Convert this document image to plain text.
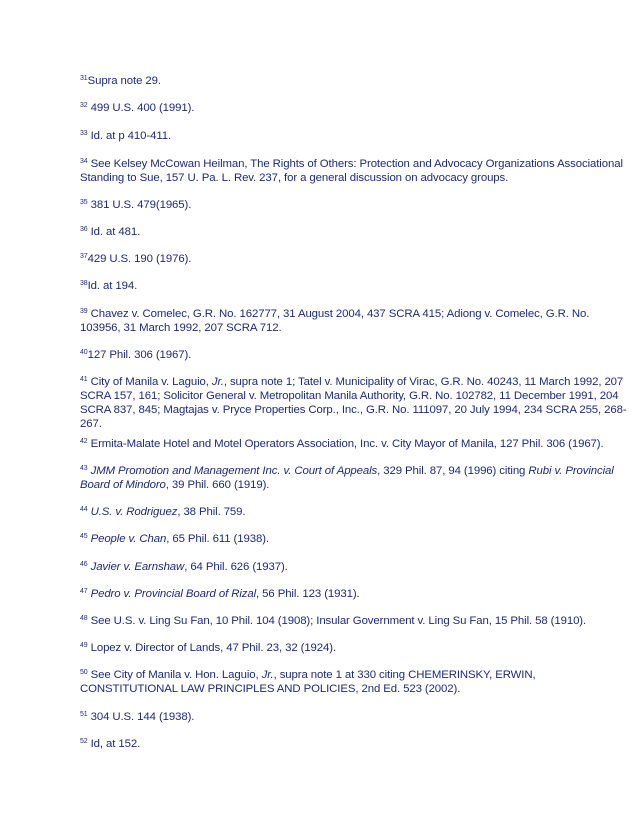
$^{31}$Supra note 29.
$^{32}$ 499 U.S. 400 (1991).
$^{33}$ Id. at p 410-411.
$^{34}$ See Kelsey McCowan Heilman, The Rights of Others: Protection and Advocacy Organizations Associational Standing to Sue, 157 U. Pa. L. Rev. 237, for a general discussion on advocacy groups.
$^{35}$ 381 U.S. 479(1965).
$^{36}$ Id. at 481.
$^{37}$429 U.S. 190 (1976).
$^{38}$Id. at 194.
$^{39}$ Chavez v. Comelec, G.R. No. 162777, 31 August 2004, 437 SCRA 415; Adiong v. Comelec, G.R. No. 103956, 31 March 1992, 207 SCRA 712.
$^{40}$127 Phil. 306 (1967).
$^{41}$ City of Manila v. Laguio, Jr., supra note 1; Tatel v. Municipality of Virac, G.R. No. 40243, 11 March 1992, 207 SCRA 157, 161; Solicitor General v. Metropolitan Manila Authority, G.R. No. 102782, 11 December 1991, 204 SCRA 837, 845; Magtajas v. Pryce Properties Corp., Inc., G.R. No. 111097, 20 July 1994, 234 SCRA 255, 268-267.
$^{42}$ Ermita-Malate Hotel and Motel Operators Association, Inc. v. City Mayor of Manila, 127 Phil. 306 (1967).
$^{43}$ JMM Promotion and Management Inc. v. Court of Appeals, 329 Phil. 87, 94 (1996) citing Rubi v. Provincial Board of Mindoro, 39 Phil. 660 (1919).
$^{44}$ U.S. v. Rodriguez, 38 Phil. 759.
$^{45}$ People v. Chan, 65 Phil. 611 (1938).
$^{46}$ Javier v. Earnshaw, 64 Phil. 626 (1937).
$^{47}$ Pedro v. Provincial Board of Rizal, 56 Phil. 123 (1931).
$^{48}$ See U.S. v. Ling Su Fan, 10 Phil. 104 (1908); Insular Government v. Ling Su Fan, 15 Phil. 58 (1910).
$^{49}$ Lopez v. Director of Lands, 47 Phil. 23, 32 (1924).
$^{50}$ See City of Manila v. Hon. Laguio, Jr., supra note 1 at 330 citing CHEMERINSKY, ERWIN, CONSTITUTIONAL LAW PRINCIPLES AND POLICIES, 2nd Ed. 523 (2002).
$^{51}$ 304 U.S. 144 (1938).
$^{52}$ Id, at 152.
